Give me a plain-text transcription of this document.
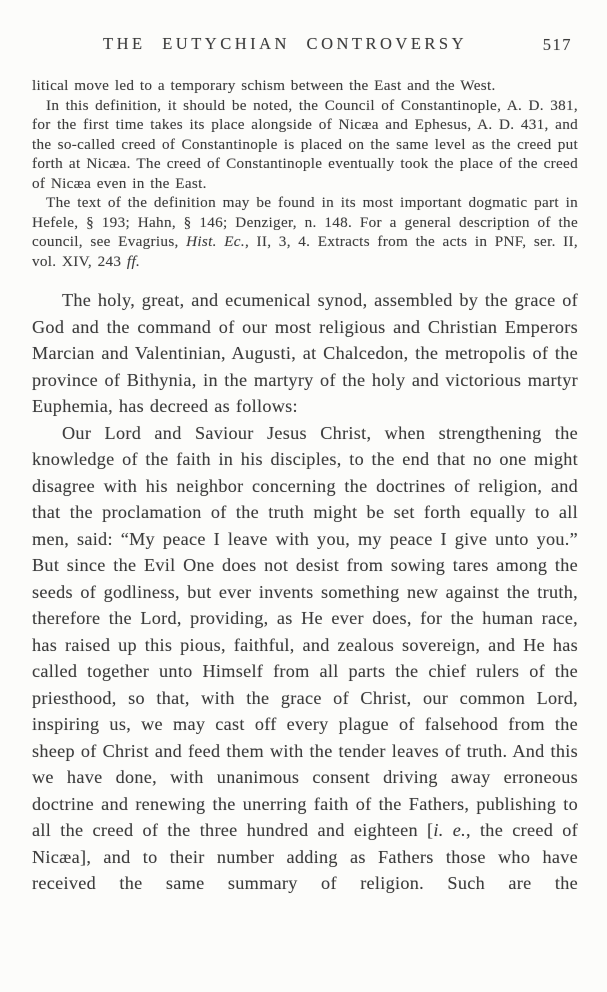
THE EUTYCHIAN CONTROVERSY	517

litical move led to a temporary schism between the East and the West.

In this definition, it should be noted, the Council of Constantinople, A. D. 381, for the first time takes its place alongside of Nicæa and Ephesus, A. D. 431, and the so-called creed of Constantinople is placed on the same level as the creed put forth at Nicæa. The creed of Constantinople eventually took the place of the creed of Nicæa even in the East.

The text of the definition may be found in its most important dogmatic part in Hefele, § 193; Hahn, § 146; Denziger, n. 148. For a general description of the council, see Evagrius, Hist. Ec., II, 3, 4. Extracts from the acts in PNF, ser. II, vol. XIV, 243 ff.

The holy, great, and ecumenical synod, assembled by the grace of God and the command of our most religious and Christian Emperors Marcian and Valentinian, Augusti, at Chalcedon, the metropolis of the province of Bithynia, in the martyry of the holy and victorious martyr Euphemia, has decreed as follows:

Our Lord and Saviour Jesus Christ, when strengthening the knowledge of the faith in his disciples, to the end that no one might disagree with his neighbor concerning the doctrines of religion, and that the proclamation of the truth might be set forth equally to all men, said: “My peace I leave with you, my peace I give unto you.” But since the Evil One does not desist from sowing tares among the seeds of godliness, but ever invents something new against the truth, therefore the Lord, providing, as He ever does, for the human race, has raised up this pious, faithful, and zealous sovereign, and He has called together unto Himself from all parts the chief rulers of the priesthood, so that, with the grace of Christ, our common Lord, inspiring us, we may cast off every plague of falsehood from the sheep of Christ and feed them with the tender leaves of truth. And this we have done, with unanimous consent driving away erroneous doctrine and renewing the unerring faith of the Fathers, publishing to all the creed of the three hundred and eighteen [i. e., the creed of Nicæa], and to their number adding as Fathers those who have received the same summary of religion. Such are the
